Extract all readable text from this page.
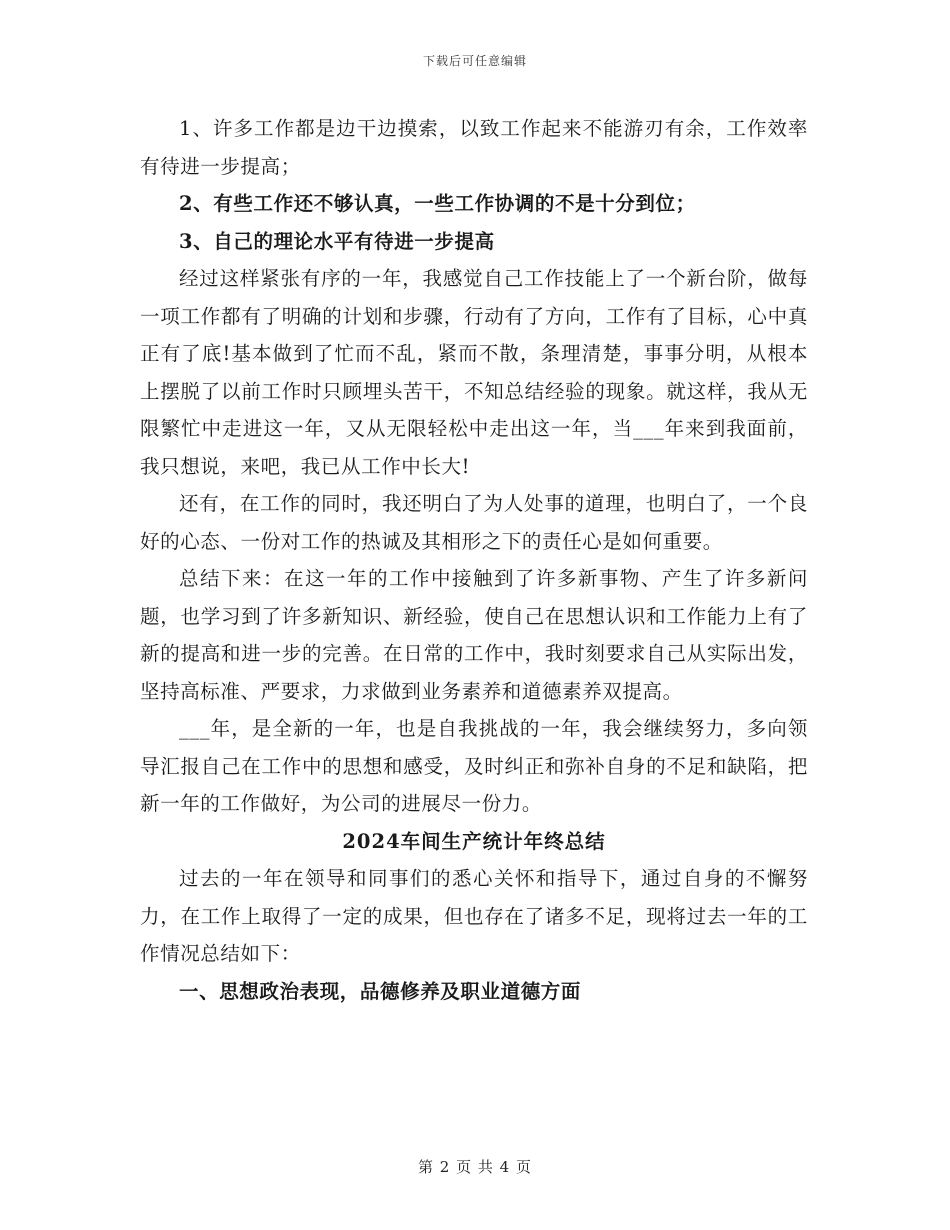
下载后可任意编辑

1、许多工作都是边干边摸索，以致工作起来不能游刃有余，工作效率有待进一步提高；

2、有些工作还不够认真，一些工作协调的不是十分到位；

3、自己的理论水平有待进一步提高

经过这样紧张有序的一年，我感觉自己工作技能上了一个新台阶，做每一项工作都有了明确的计划和步骤，行动有了方向，工作有了目标，心中真正有了底!基本做到了忙而不乱，紧而不散，条理清楚，事事分明，从根本上摆脱了以前工作时只顾埋头苦干，不知总结经验的现象。就这样，我从无限繁忙中走进这一年，又从无限轻松中走出这一年，当___年来到我面前，我只想说，来吧，我已从工作中长大!

还有，在工作的同时，我还明白了为人处事的道理，也明白了，一个良好的心态、一份对工作的热诚及其相形之下的责任心是如何重要。

总结下来：在这一年的工作中接触到了许多新事物、产生了许多新问题，也学习到了许多新知识、新经验，使自己在思想认识和工作能力上有了新的提高和进一步的完善。在日常的工作中，我时刻要求自己从实际出发，坚持高标准、严要求，力求做到业务素养和道德素养双提高。

___年，是全新的一年，也是自我挑战的一年，我会继续努力，多向领导汇报自己在工作中的思想和感受，及时纠正和弥补自身的不足和缺陷，把新一年的工作做好，为公司的进展尽一份力。

2024车间生产统计年终总结

过去的一年在领导和同事们的悉心关怀和指导下，通过自身的不懈努力，在工作上取得了一定的成果，但也存在了诸多不足，现将过去一年的工作情况总结如下：

一、思想政治表现，品德修养及职业道德方面

第 2 页 共 4 页
